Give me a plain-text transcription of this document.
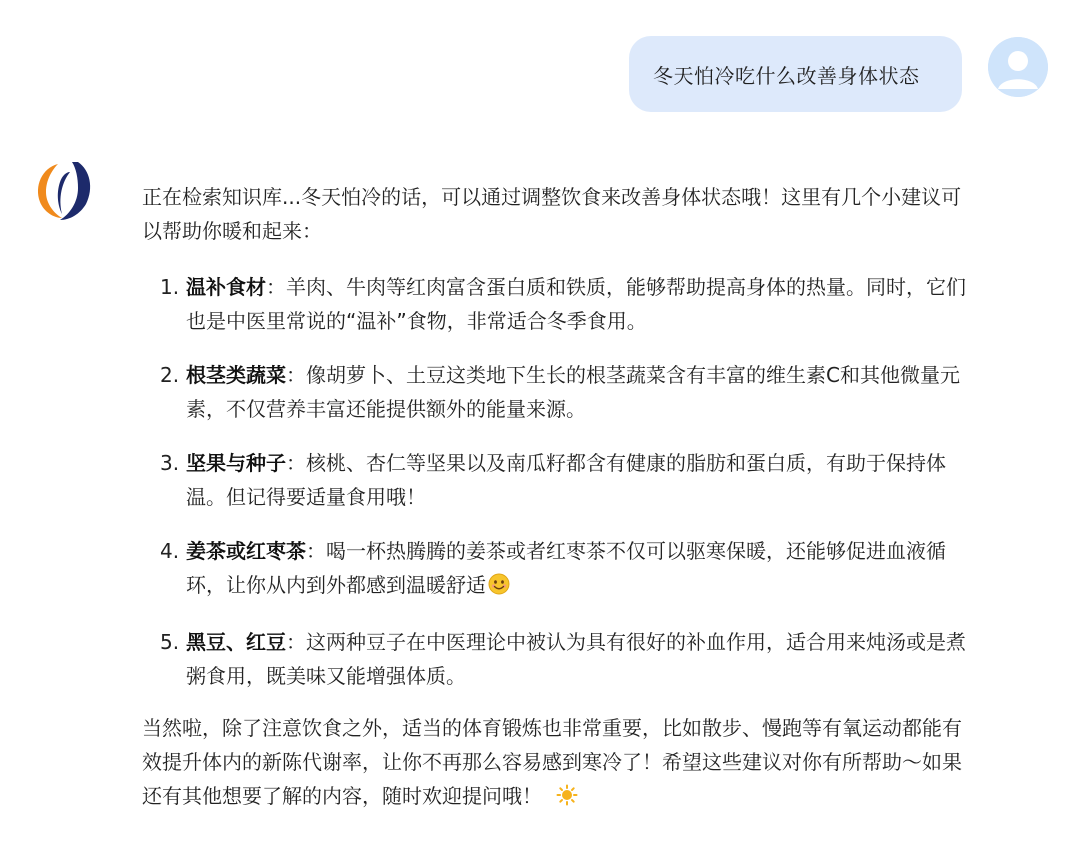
冬天怕冷吃什么改善身体状态

正在检索知识库...冬天怕冷的话，可以通过调整饮食来改善身体状态哦！这里有几个小建议可以帮助你暖和起来：

1. 温补食材：羊肉、牛肉等红肉富含蛋白质和铁质，能够帮助提高身体的热量。同时，它们也是中医里常说的“温补”食物，非常适合冬季食用。
2. 根茎类蔬菜：像胡萝卜、土豆这类地下生长的根茎蔬菜含有丰富的维生素C和其他微量元素，不仅营养丰富还能提供额外的能量来源。
3. 坚果与种子：核桃、杏仁等坚果以及南瓜籽都含有健康的脂肪和蛋白质，有助于保持体温。但记得要适量食用哦！
4. 姜茶或红枣茶：喝一杯热腾腾的姜茶或者红枣茶不仅可以驱寒保暖，还能够促进血液循环，让你从内到外都感到温暖舒适
5. 黑豆、红豆：这两种豆子在中医理论中被认为具有很好的补血作用，适合用来炖汤或是煮粥食用，既美味又能增强体质。

当然啦，除了注意饮食之外，适当的体育锻炼也非常重要，比如散步、慢跑等有氧运动都能有效提升体内的新陈代谢率，让你不再那么容易感到寒冷了！希望这些建议对你有所帮助～如果还有其他想要了解的内容，随时欢迎提问哦！
